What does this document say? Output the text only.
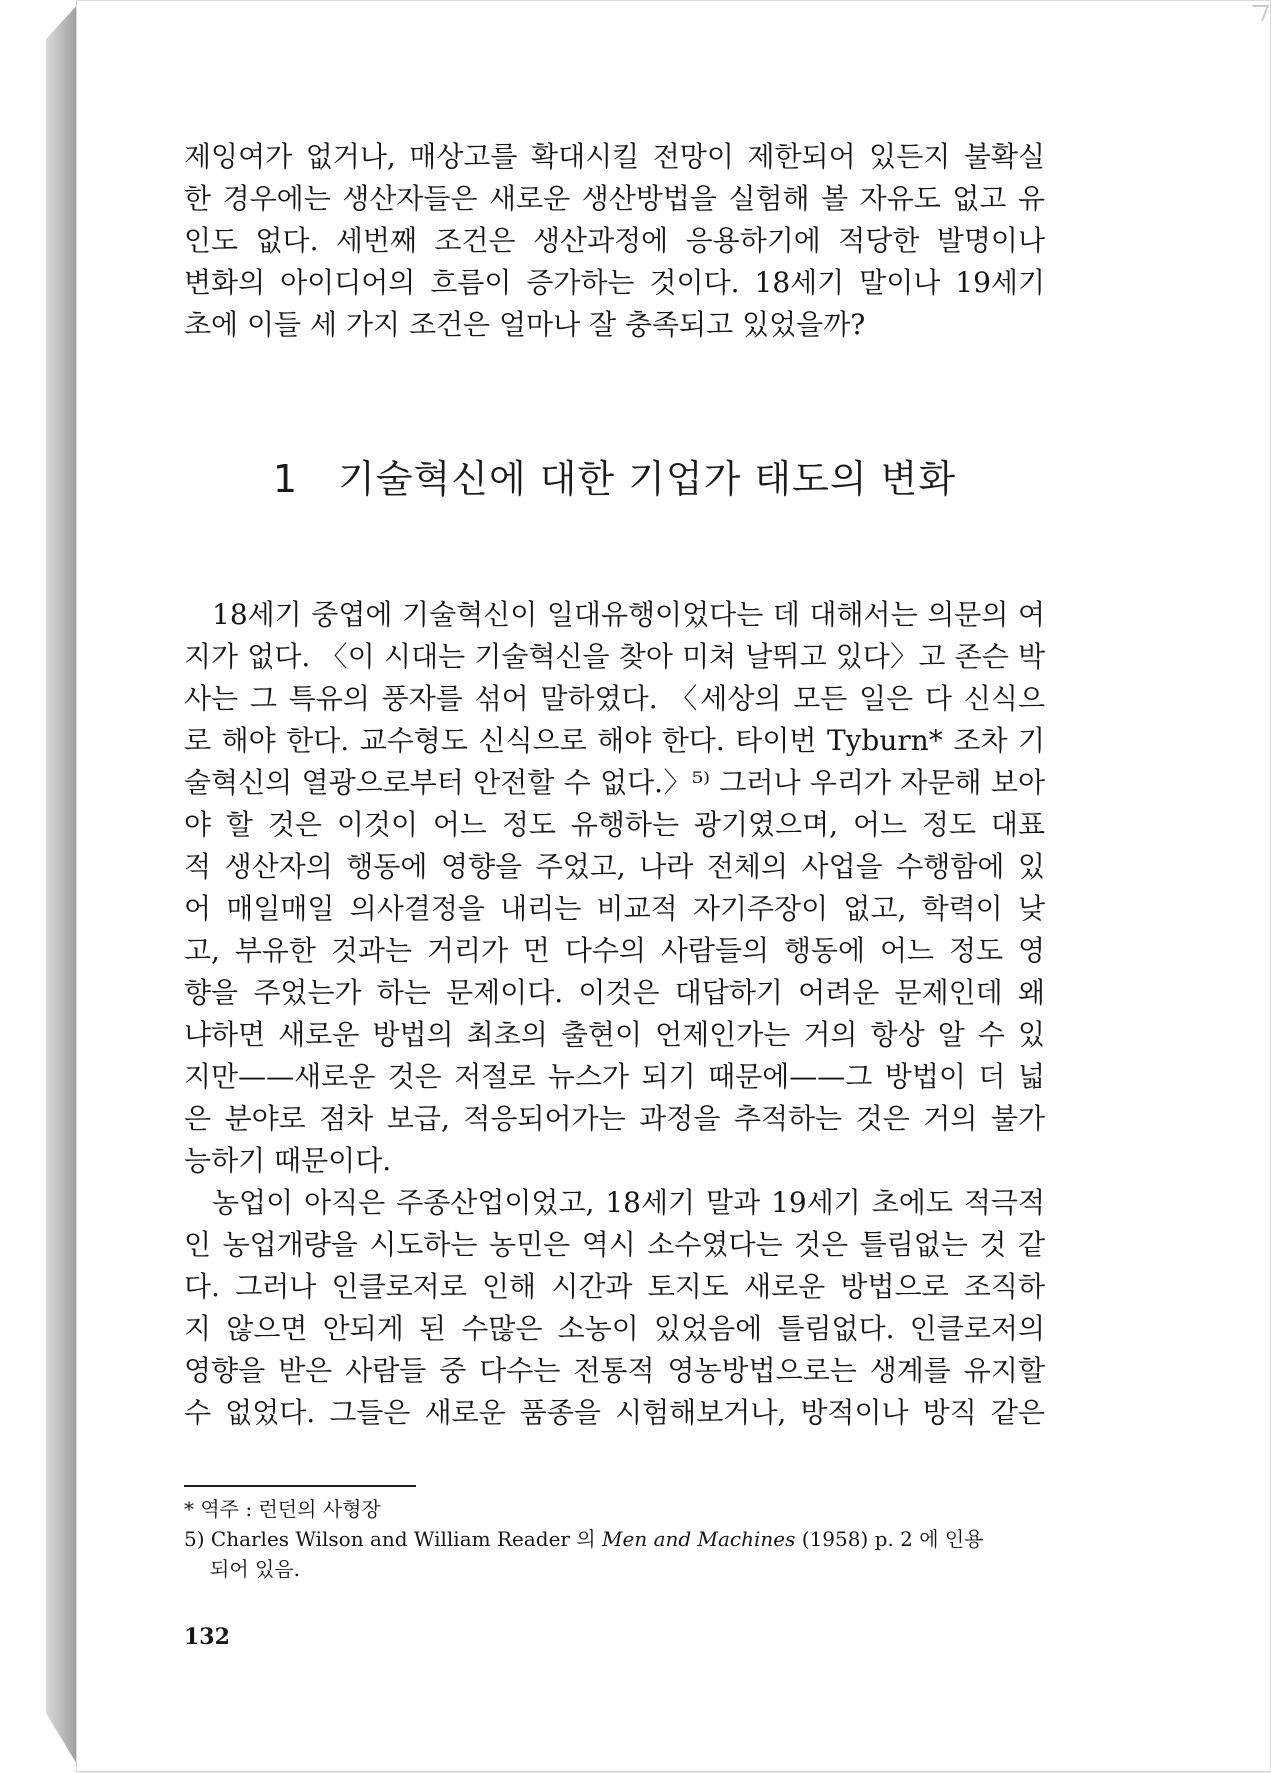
제잉여가 없거나, 매상고를 확대시킬 전망이 제한되어 있든지 불확실
한 경우에는 생산자들은 새로운 생산방법을 실험해 볼 자유도 없고 유
인도 없다. 세번째 조건은 생산과정에 응용하기에 적당한 발명이나
변화의 아이디어의 흐름이 증가하는 것이다. 18세기 말이나 19세기
초에 이들 세 가지 조건은 얼마나 잘 충족되고 있었을까?
1 기술혁신에 대한 기업가 태도의 변화
18세기 중엽에 기술혁신이 일대유행이었다는 데 대해서는 의문의 여
지가 없다. 〈이 시대는 기술혁신을 찾아 미쳐 날뛰고 있다〉고 존슨 박
사는 그 특유의 풍자를 섞어 말하였다. 〈세상의 모든 일은 다 신식으
로 해야 한다. 교수형도 신식으로 해야 한다. 타이번 Tyburn* 조차 기
술혁신의 열광으로부터 안전할 수 없다.〉⁵⁾ 그러나 우리가 자문해 보아
야 할 것은 이것이 어느 정도 유행하는 광기였으며, 어느 정도 대표
적 생산자의 행동에 영향을 주었고, 나라 전체의 사업을 수행함에 있
어 매일매일 의사결정을 내리는 비교적 자기주장이 없고, 학력이 낮
고, 부유한 것과는 거리가 먼 다수의 사람들의 행동에 어느 정도 영
향을 주었는가 하는 문제이다. 이것은 대답하기 어려운 문제인데 왜
냐하면 새로운 방법의 최초의 출현이 언제인가는 거의 항상 알 수 있
지만——새로운 것은 저절로 뉴스가 되기 때문에——그 방법이 더 넓
은 분야로 점차 보급, 적응되어가는 과정을 추적하는 것은 거의 불가
능하기 때문이다.
농업이 아직은 주종산업이었고, 18세기 말과 19세기 초에도 적극적
인 농업개량을 시도하는 농민은 역시 소수였다는 것은 틀림없는 것 같
다. 그러나 인클로저로 인해 시간과 토지도 새로운 방법으로 조직하
지 않으면 안되게 된 수많은 소농이 있었음에 틀림없다. 인클로저의
영향을 받은 사람들 중 다수는 전통적 영농방법으로는 생계를 유지할
수 없었다. 그들은 새로운 품종을 시험해보거나, 방적이나 방직 같은
* 역주 : 런던의 사형장
5) Charles Wilson and William Reader 의 Men and Machines (1958) p. 2 에 인용
되어 있음.
132
